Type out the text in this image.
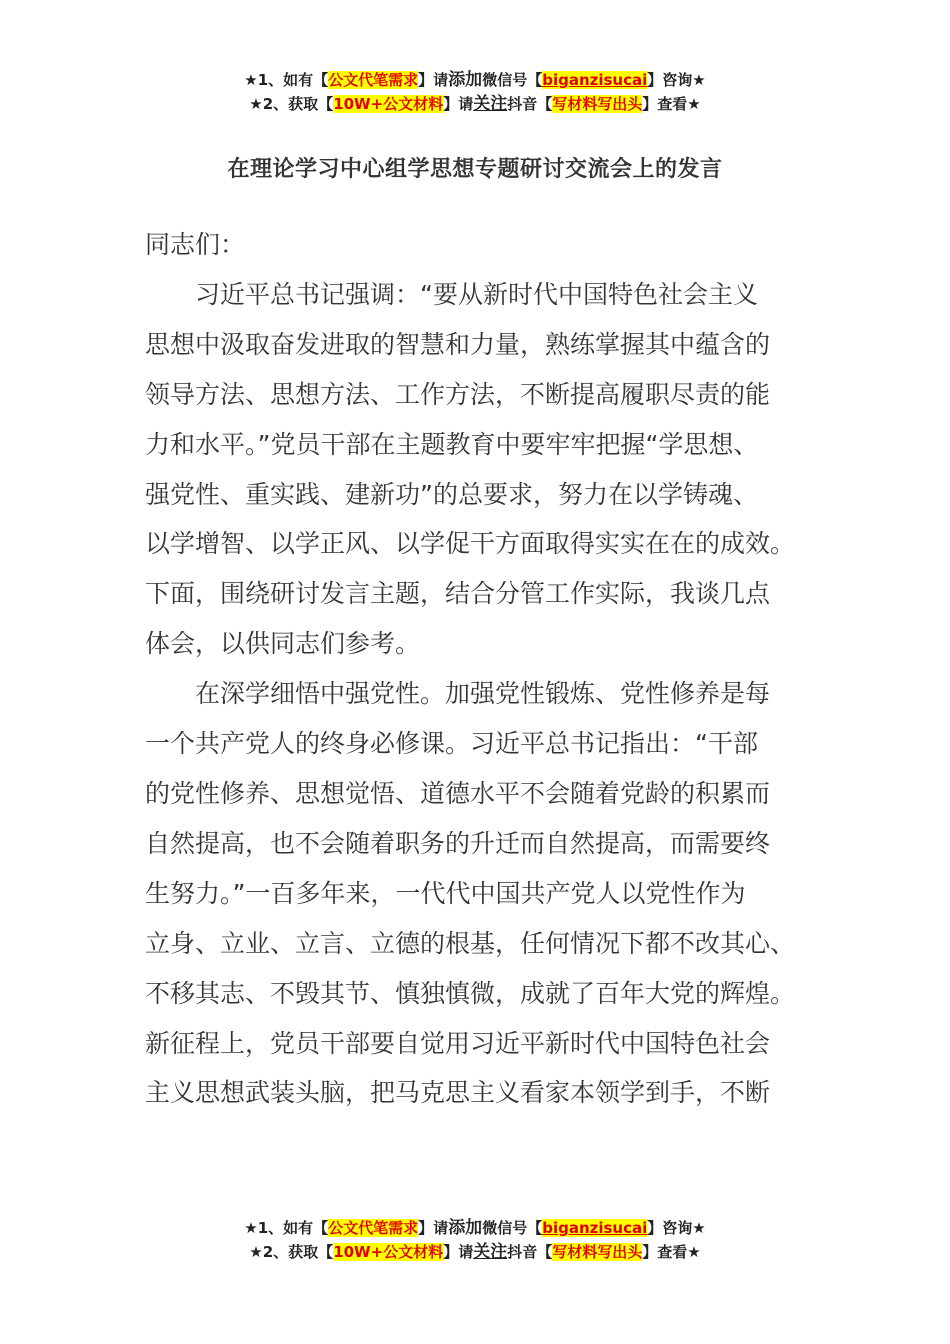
★1、如有【公文代笔需求】请添加微信号【biganzisucai】咨询★
★2、获取【10W+公文材料】请关注抖音【写材料写出头】查看★
在理论学习中心组学思想专题研讨交流会上的发言

同志们：

习近平总书记强调：“要从新时代中国特色社会主义
思想中汲取奋发进取的智慧和力量，熟练掌握其中蕴含的
领导方法、思想方法、工作方法，不断提高履职尽责的能
力和水平。”党员干部在主题教育中要牢牢把握“学思想、
强党性、重实践、建新功”的总要求，努力在以学铸魂、
以学增智、以学正风、以学促干方面取得实实在在的成效。
下面，围绕研讨发言主题，结合分管工作实际，我谈几点
体会，以供同志们参考。

在深学细悟中强党性。加强党性锻炼、党性修养是每
一个共产党人的终身必修课。习近平总书记指出：“干部
的党性修养、思想觉悟、道德水平不会随着党龄的积累而
自然提高，也不会随着职务的升迁而自然提高，而需要终
生努力。”一百多年来，一代代中国共产党人以党性作为
立身、立业、立言、立德的根基，任何情况下都不改其心、
不移其志、不毁其节、慎独慎微，成就了百年大党的辉煌。
新征程上，党员干部要自觉用习近平新时代中国特色社会
主义思想武装头脑，把马克思主义看家本领学到手，不断

★1、如有【公文代笔需求】请添加微信号【biganzisucai】咨询★
★2、获取【10W+公文材料】请关注抖音【写材料写出头】查看★
